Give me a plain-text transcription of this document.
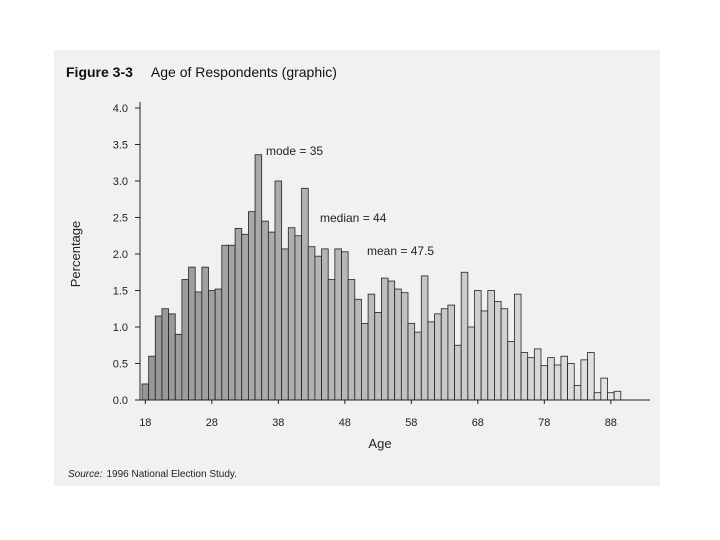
Figure 3-3 Age of Respondents (graphic)
0.0
0.5
1.0
1.5
2.0
2.5
3.0
3.5
4.0
18	28	38	48	58	68	78	88
Age
Percentage
mode = 35
median = 44
mean = 47.5
Source: 1996 National Election Study.
